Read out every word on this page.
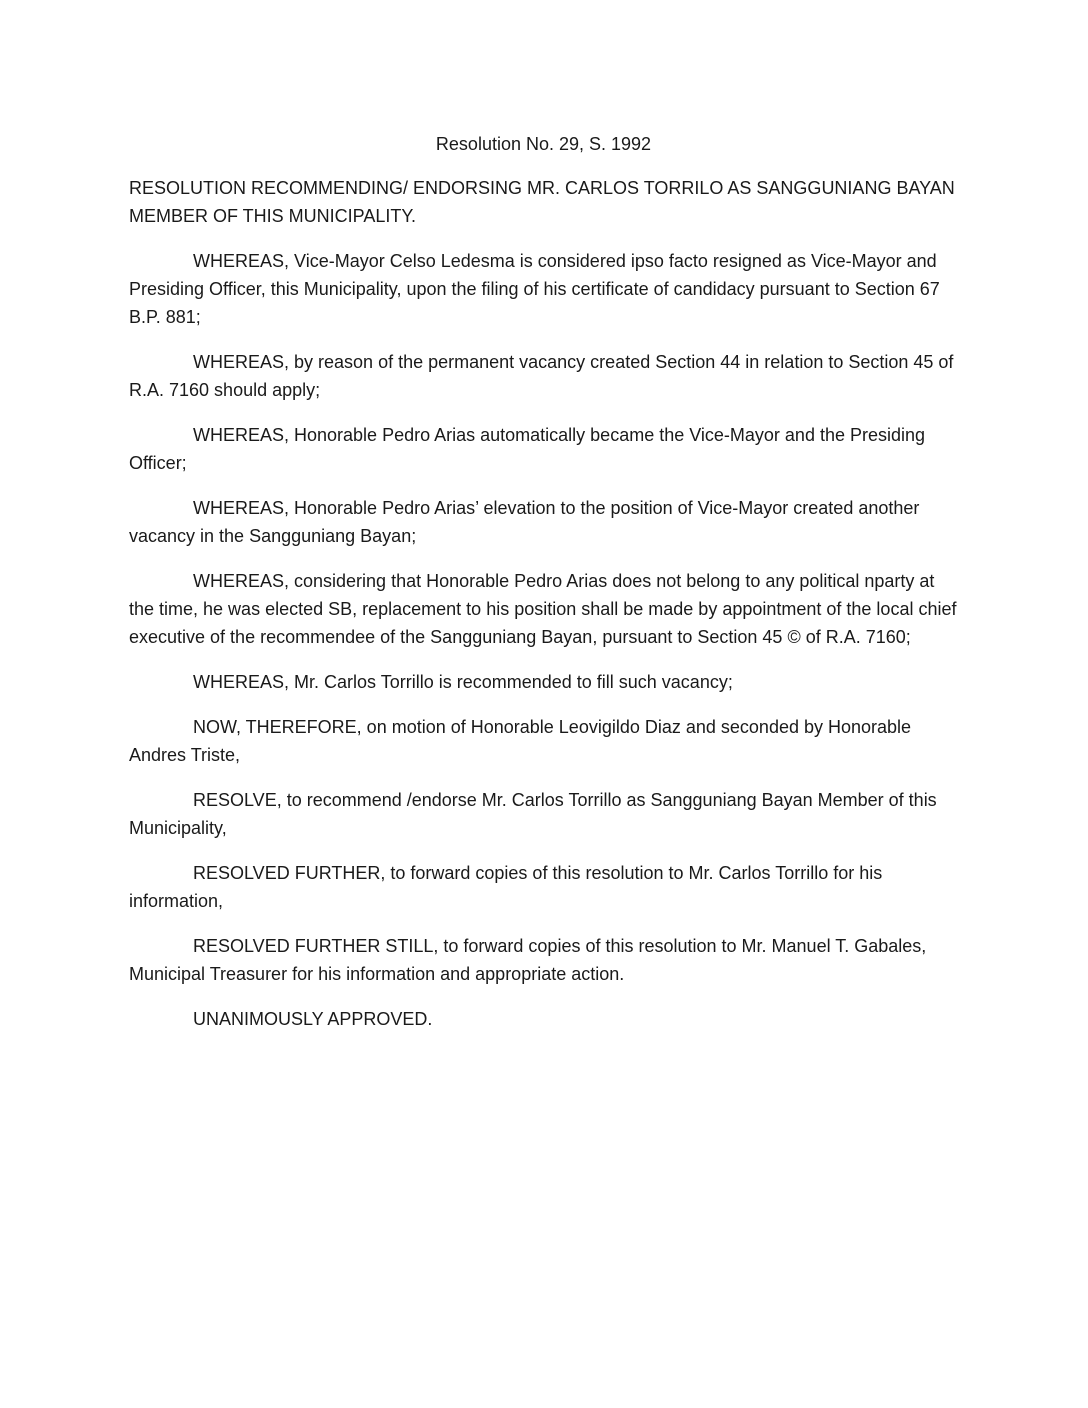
Resolution No. 29, S. 1992

RESOLUTION RECOMMENDING/ ENDORSING MR. CARLOS TORRILO AS SANGGUNIANG BAYAN MEMBER OF THIS MUNICIPALITY.

WHEREAS, Vice-Mayor Celso Ledesma is considered ipso facto resigned as Vice-Mayor and Presiding Officer, this Municipality, upon the filing of his certificate of candidacy pursuant to Section 67 B.P. 881;

WHEREAS, by reason of the permanent vacancy created Section 44 in relation to Section 45 of R.A. 7160 should apply;

WHEREAS, Honorable Pedro Arias automatically became the Vice-Mayor and the Presiding Officer;

WHEREAS, Honorable Pedro Arias’ elevation to the position of Vice-Mayor created another vacancy in the Sangguniang Bayan;

WHEREAS, considering that Honorable Pedro Arias does not belong to any political nparty at the time, he was elected SB, replacement to his position shall be made by appointment of the local chief executive of the recommendee of the Sangguniang Bayan, pursuant to Section 45 © of R.A. 7160;

WHEREAS, Mr. Carlos Torrillo is recommended to fill such vacancy;

NOW, THEREFORE, on motion of Honorable Leovigildo Diaz and seconded by Honorable Andres Triste,

RESOLVE, to recommend /endorse Mr. Carlos Torrillo as Sangguniang Bayan Member of this Municipality,

RESOLVED FURTHER, to forward copies of this resolution to Mr. Carlos Torrillo for his information,

RESOLVED FURTHER STILL, to forward copies of this resolution to Mr. Manuel T. Gabales, Municipal Treasurer for his information and appropriate action.

UNANIMOUSLY APPROVED.
